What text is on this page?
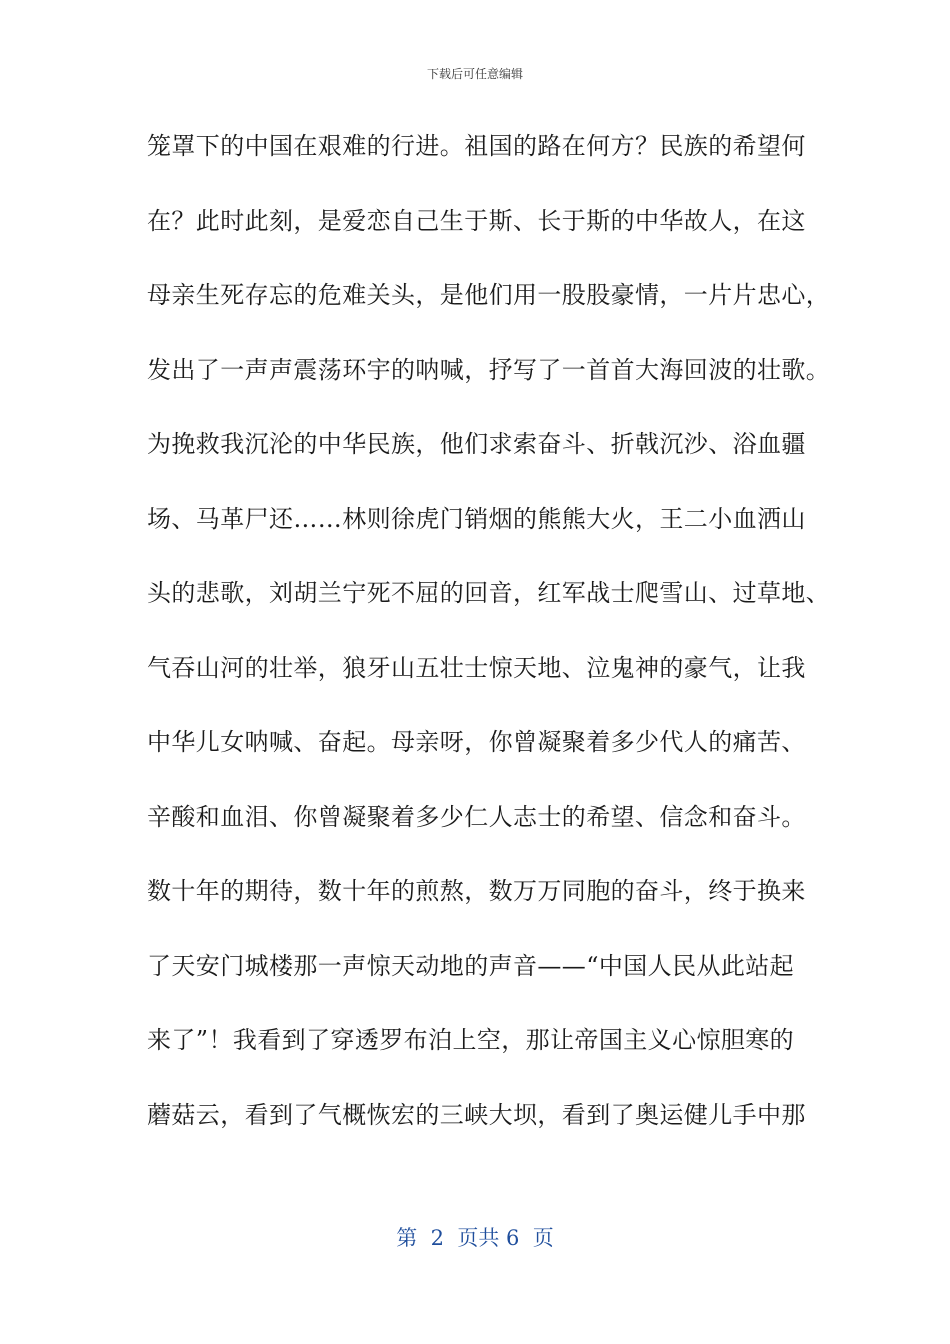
下载后可任意编辑
笼罩下的中国在艰难的行进。祖国的路在何方？民族的希望何
在？此时此刻，是爱恋自己生于斯、长于斯的中华故人，在这
母亲生死存忘的危难关头，是他们用一股股豪情，一片片忠心，
发出了一声声震荡环宇的呐喊，抒写了一首首大海回波的壮歌。
为挽救我沉沦的中华民族，他们求索奋斗、折戟沉沙、浴血疆
场、马革尸还……林则徐虎门销烟的熊熊大火，王二小血洒山
头的悲歌，刘胡兰宁死不屈的回音，红军战士爬雪山、过草地、
气吞山河的壮举，狼牙山五壮士惊天地、泣鬼神的豪气，让我
中华儿女呐喊、奋起。母亲呀，你曾凝聚着多少代人的痛苦、
辛酸和血泪、你曾凝聚着多少仁人志士的希望、信念和奋斗。
数十年的期待，数十年的煎熬，数万万同胞的奋斗，终于换来
了天安门城楼那一声惊天动地的声音——“中国人民从此站起
来了”！我看到了穿透罗布泊上空，那让帝国主义心惊胆寒的
蘑菇云，看到了气概恢宏的三峡大坝，看到了奥运健儿手中那
第  2  页共 6  页
